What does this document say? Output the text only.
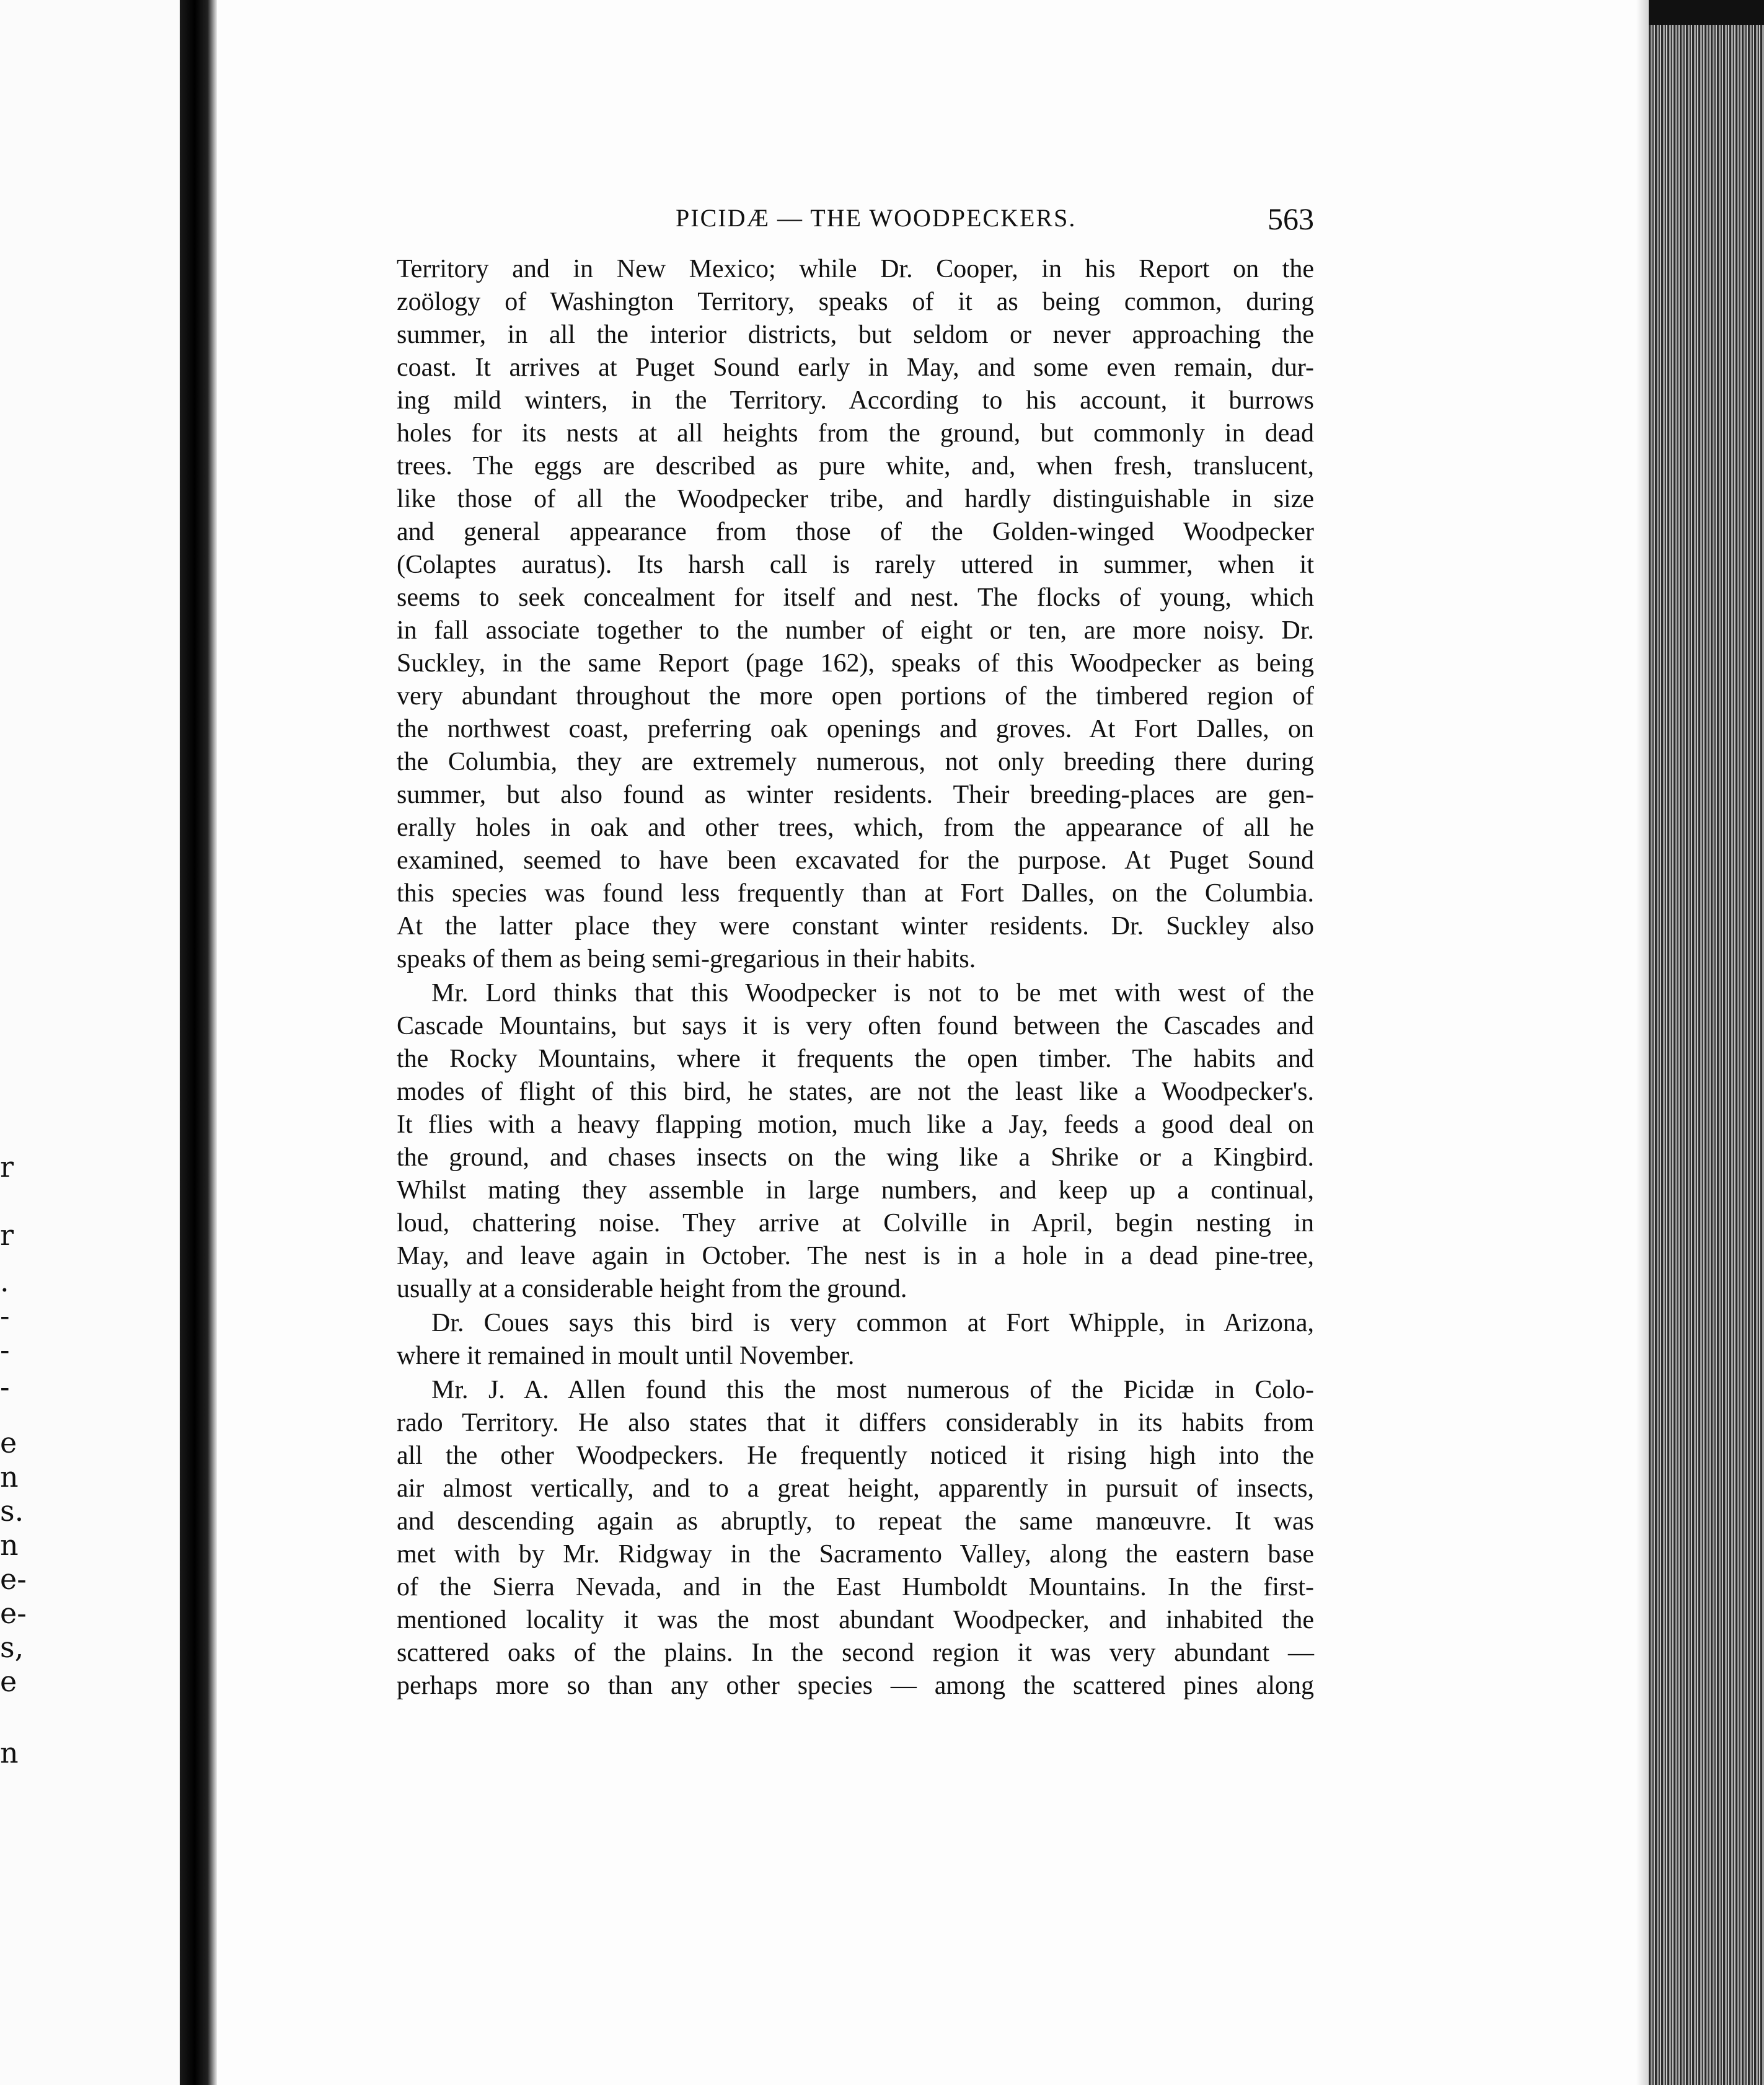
r
r
.
-
-
-
e
n
s.
n
e-
e-
s,
e
n
PICIDÆ — THE WOODPECKERS.	563
Territory and in New Mexico; while Dr. Cooper, in his Report on the
zoölogy of Washington Territory, speaks of it as being common, during
summer, in all the interior districts, but seldom or never approaching the
coast. It arrives at Puget Sound early in May, and some even remain, dur-
ing mild winters, in the Territory. According to his account, it burrows
holes for its nests at all heights from the ground, but commonly in dead
trees. The eggs are described as pure white, and, when fresh, translucent,
like those of all the Woodpecker tribe, and hardly distinguishable in size
and general appearance from those of the Golden-winged Woodpecker
(Colaptes auratus). Its harsh call is rarely uttered in summer, when it
seems to seek concealment for itself and nest. The flocks of young, which
in fall associate together to the number of eight or ten, are more noisy. Dr.
Suckley, in the same Report (page 162), speaks of this Woodpecker as being
very abundant throughout the more open portions of the timbered region of
the northwest coast, preferring oak openings and groves. At Fort Dalles, on
the Columbia, they are extremely numerous, not only breeding there during
summer, but also found as winter residents. Their breeding-places are gen-
erally holes in oak and other trees, which, from the appearance of all he
examined, seemed to have been excavated for the purpose. At Puget Sound
this species was found less frequently than at Fort Dalles, on the Columbia.
At the latter place they were constant winter residents. Dr. Suckley also
speaks of them as being semi-gregarious in their habits.
Mr. Lord thinks that this Woodpecker is not to be met with west of the
Cascade Mountains, but says it is very often found between the Cascades and
the Rocky Mountains, where it frequents the open timber. The habits and
modes of flight of this bird, he states, are not the least like a Woodpecker's.
It flies with a heavy flapping motion, much like a Jay, feeds a good deal on
the ground, and chases insects on the wing like a Shrike or a Kingbird.
Whilst mating they assemble in large numbers, and keep up a continual,
loud, chattering noise. They arrive at Colville in April, begin nesting in
May, and leave again in October. The nest is in a hole in a dead pine-tree,
usually at a considerable height from the ground.
Dr. Coues says this bird is very common at Fort Whipple, in Arizona,
where it remained in moult until November.
Mr. J. A. Allen found this the most numerous of the Picidæ in Colo-
rado Territory. He also states that it differs considerably in its habits from
all the other Woodpeckers. He frequently noticed it rising high into the
air almost vertically, and to a great height, apparently in pursuit of insects,
and descending again as abruptly, to repeat the same manœuvre. It was
met with by Mr. Ridgway in the Sacramento Valley, along the eastern base
of the Sierra Nevada, and in the East Humboldt Mountains. In the first-
mentioned locality it was the most abundant Woodpecker, and inhabited the
scattered oaks of the plains. In the second region it was very abundant —
perhaps more so than any other species — among the scattered pines along
